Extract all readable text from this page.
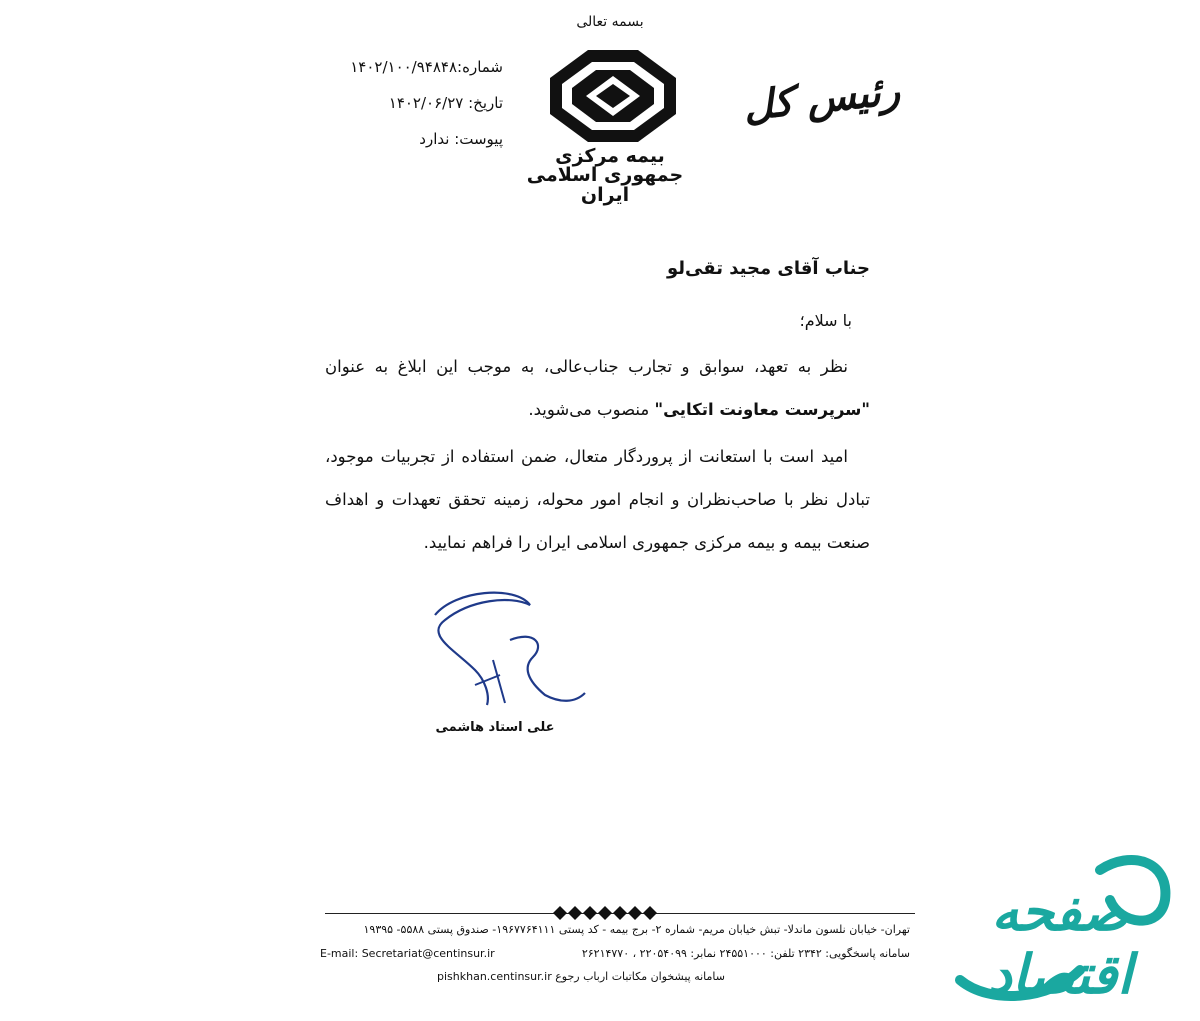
بسمه تعالی
بیمه مرکزی
جمهوری اسلامی ایران
رئیس کل
شماره:۱۴۰۲/۱۰۰/۹۴۸۴۸
تاریخ: ۱۴۰۲/۰۶/۲۷
پیوست: ندارد
جناب آقای مجید تقی‌لو
با سلام؛
نظر به تعهد، سوابق و تجارب جناب‌عالی، به موجب این ابلاغ به عنوان "سرپرست معاونت اتکایی" منصوب می‌شوید.
امید است با استعانت از پروردگار متعال، ضمن استفاده از تجربیات موجود، تبادل نظر با صاحب‌نظران و انجام امور محوله، زمینه تحقق تعهدات و اهداف صنعت بیمه و بیمه مرکزی جمهوری اسلامی ایران را فراهم نمایید.
علی استاد هاشمی
تهران- خیابان نلسون ماندلا- تبش خیابان مریم- شماره ۲- برج بیمه - کد پستی ۱۹۶۷۷۶۴۱۱۱- صندوق پستی ۵۵۸۸- ۱۹۳۹۵
سامانه پاسخگویی: ۲۳۴۲ تلفن: ۲۴۵۵۱۰۰۰ نمابر: ۲۲۰۵۴۰۹۹ ، ۲۶۲۱۴۷۷۰
E-mail: Secretariat@centinsur.ir
سامانه پیشخوان مکاتبات ارباب رجوع pishkhan.centinsur.ir
صفحه اقتصاد
